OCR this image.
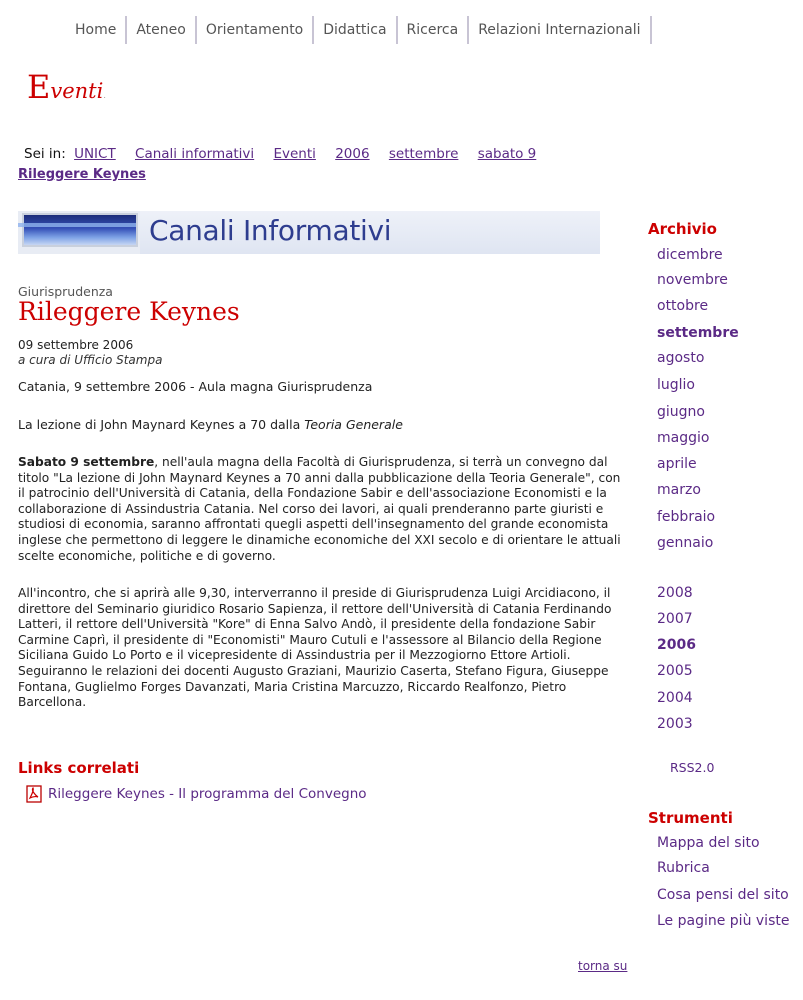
Home	Ateneo	Orientamento	Didattica	Ricerca	Relazioni Internazionali
Eventi.
Sei in: UNICT Canali informativi Eventi 2006 settembre sabato 9
Rileggere Keynes
Canali Informativi
Giurisprudenza
Rileggere Keynes
09 settembre 2006
a cura di Ufficio Stampa
Catania, 9 settembre 2006 - Aula magna Giurisprudenza
La lezione di John Maynard Keynes a 70 dalla Teoria Generale
Sabato 9 settembre, nell'aula magna della Facoltà di Giurisprudenza, si terrà un convegno dal titolo "La lezione di John Maynard Keynes a 70 anni dalla pubblicazione della Teoria Generale", con il patrocinio dell'Università di Catania, della Fondazione Sabir e dell'associazione Economisti e la collaborazione di Assindustria Catania. Nel corso dei lavori, ai quali prenderanno parte giuristi e studiosi di economia, saranno affrontati quegli aspetti dell'insegnamento del grande economista inglese che permettono di leggere le dinamiche economiche del XXI secolo e di orientare le attuali scelte economiche, politiche e di governo.
All'incontro, che si aprirà alle 9,30, interverranno il preside di Giurisprudenza Luigi Arcidiacono, il direttore del Seminario giuridico Rosario Sapienza, il rettore dell'Università di Catania Ferdinando Latteri, il rettore dell'Università "Kore" di Enna Salvo Andò, il presidente della fondazione Sabir Carmine Caprì, il presidente di "Economisti" Mauro Cutuli e l'assessore al Bilancio della Regione Siciliana Guido Lo Porto e il vicepresidente di Assindustria per il Mezzogiorno Ettore Artioli. Seguiranno le relazioni dei docenti Augusto Graziani, Maurizio Caserta, Stefano Figura, Giuseppe Fontana, Guglielmo Forges Davanzati, Maria Cristina Marcuzzo, Riccardo Realfonzo, Pietro Barcellona.
Links correlati
Rileggere Keynes - Il programma del Convegno
torna su
Archivio
dicembre
novembre
ottobre
settembre
agosto
luglio
giugno
maggio
aprile
marzo
febbraio
gennaio
2008
2007
2006
2005
2004
2003
RSS2.0
Strumenti
Mappa del sito
Rubrica
Cosa pensi del sito
Le pagine più viste
